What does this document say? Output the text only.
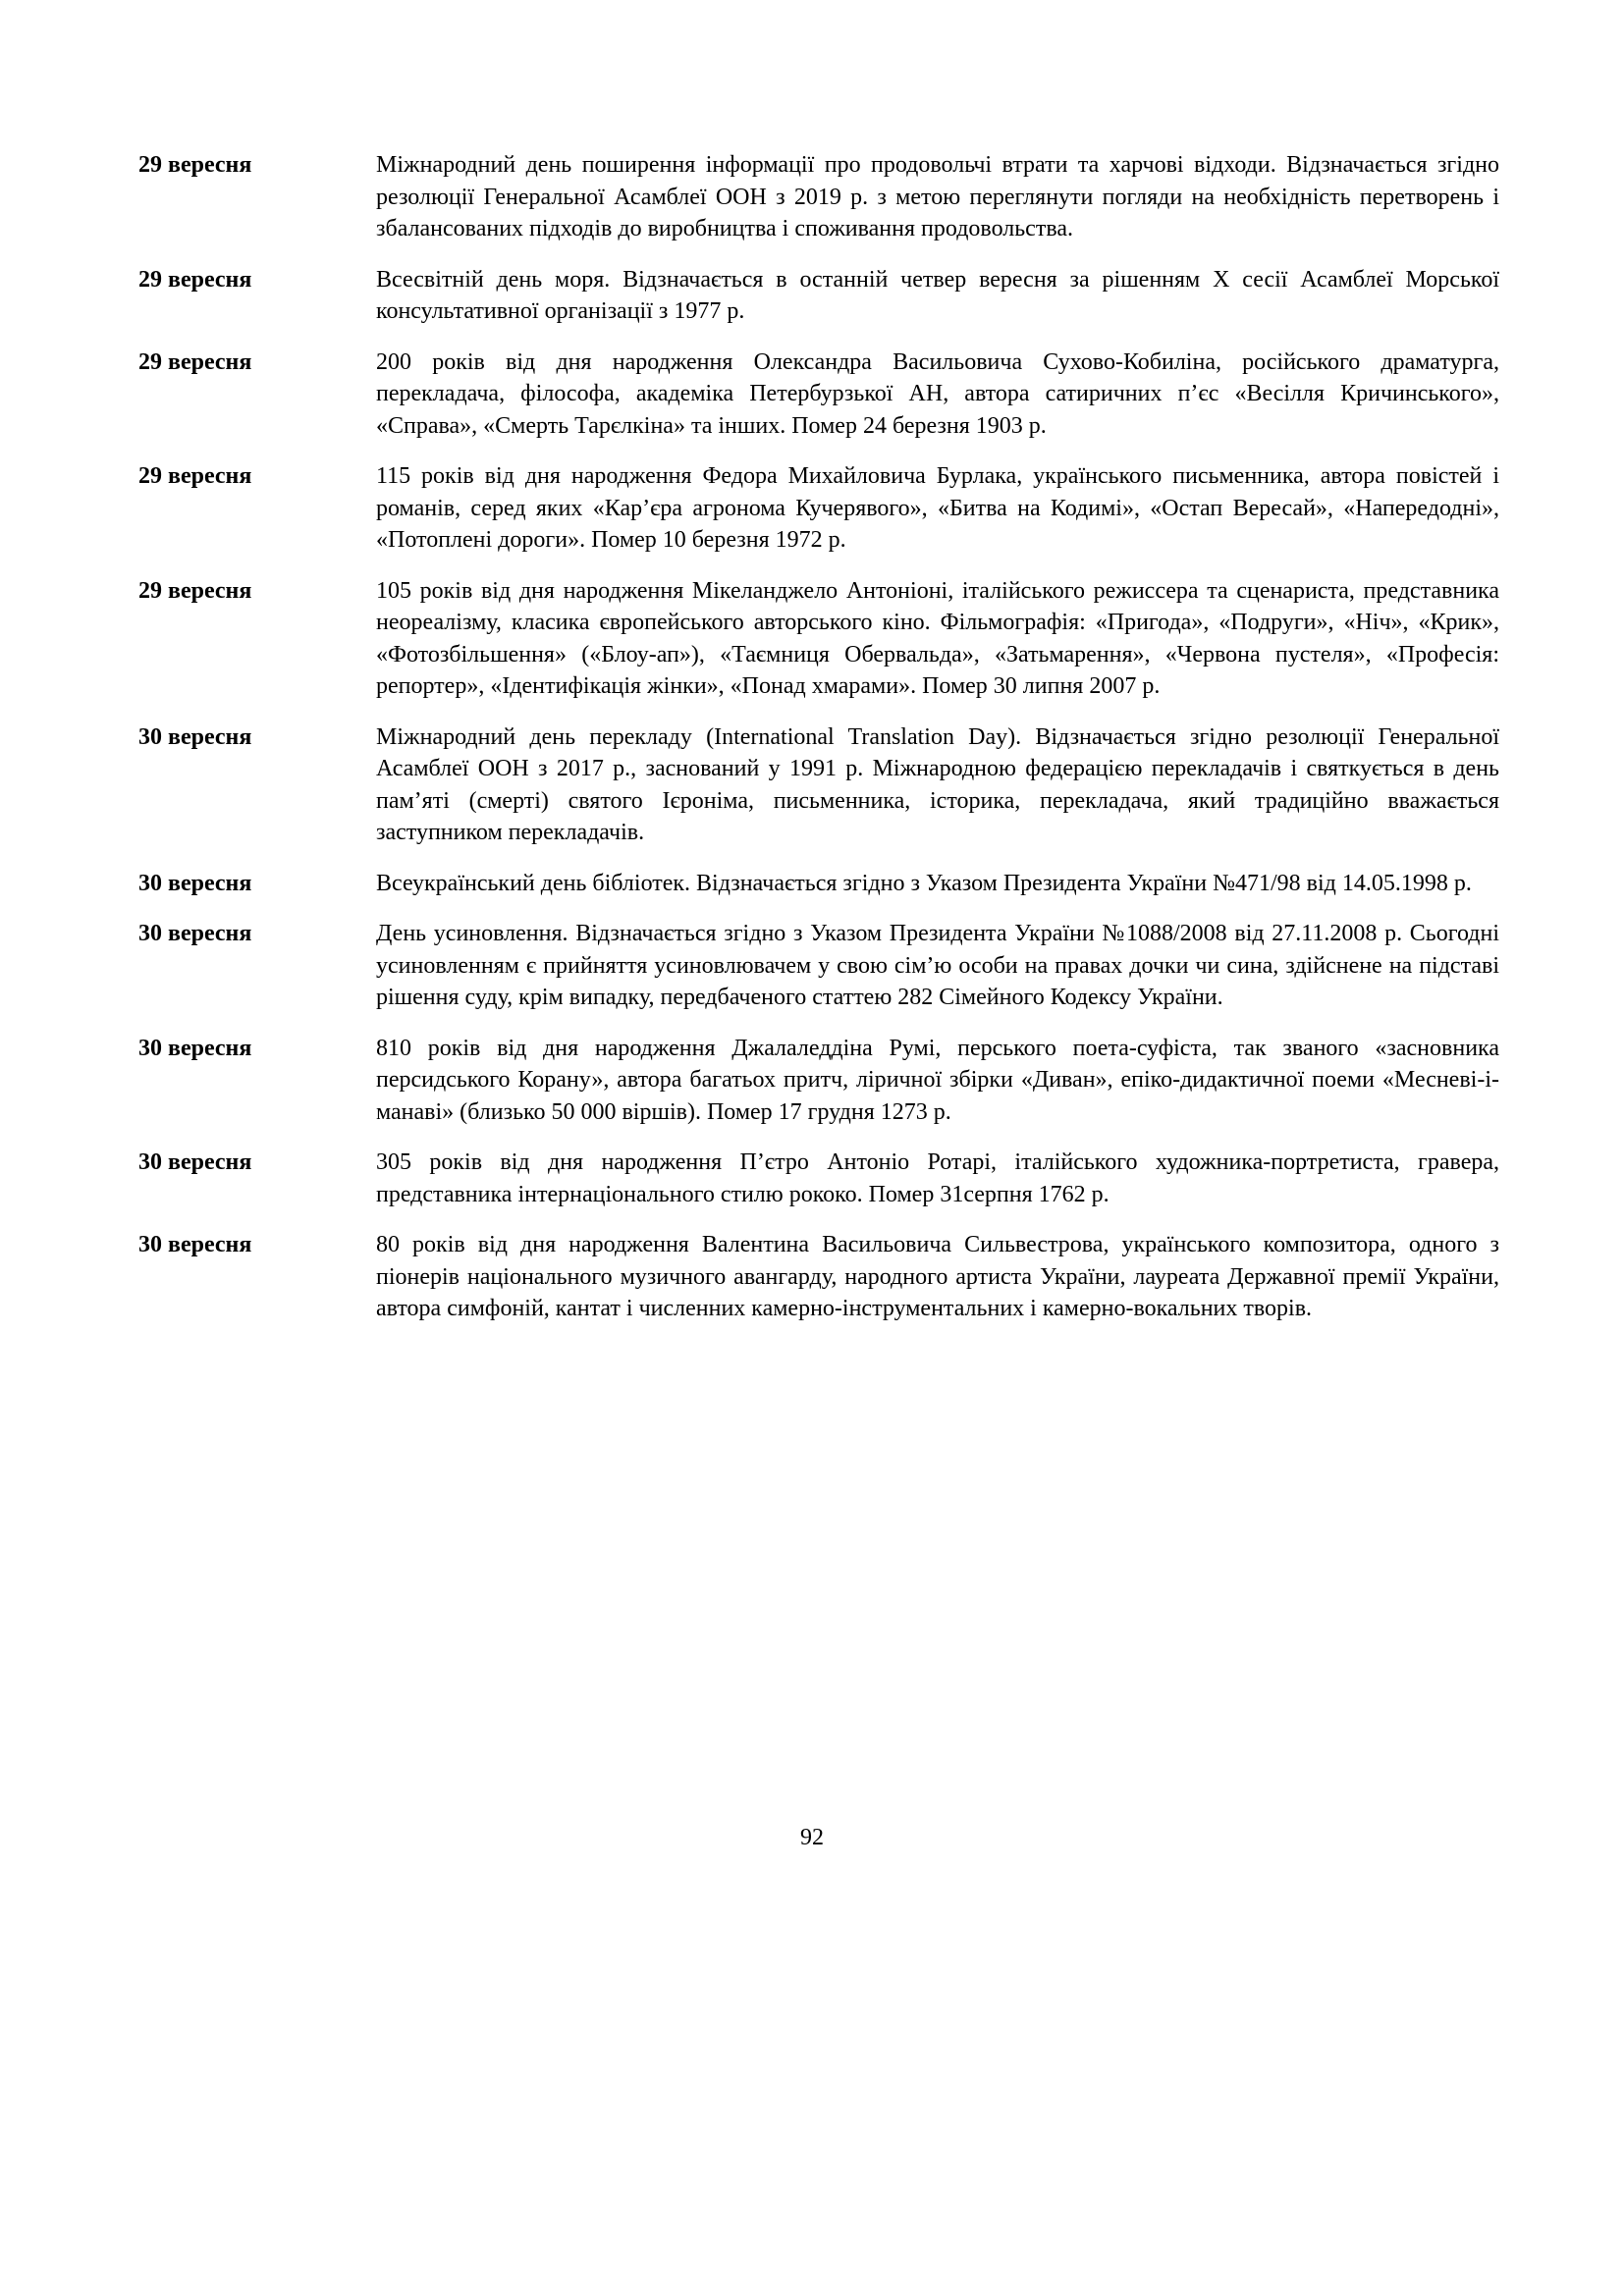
29 вересня	Міжнародний день поширення інформації про продовольчі втрати та харчові відходи. Відзначається згідно резолюції Генеральної Асамблеї ООН з 2019 р. з метою переглянути погляди на необхідність перетворень і збалансованих підходів до виробництва і споживання продовольства.
29 вересня	Всесвітній день моря. Відзначається в останній четвер вересня за рішенням Х сесії Асамблеї Морської консультативної організації з 1977 р.
29 вересня	200 років від дня народження Олександра Васильовича Сухово-Кобиліна, російського драматурга, перекладача, філософа, академіка Петербурзької АН, автора сатиричних п’єс «Весілля Кричинського», «Справа», «Смерть Тарєлкіна» та інших. Помер 24 березня 1903 р.
29 вересня	115 років від дня народження Федора Михайловича Бурлака, українського письменника, автора повістей і романів, серед яких «Кар’єра агронома Кучерявого», «Битва на Кодимі», «Остап Вересай», «Напередодні», «Потоплені дороги». Помер 10 березня 1972 р.
29 вересня	105 років від дня народження Мікеланджело Антоніоні, італійського режиссера та сценариста, представника неореалізму, класика європейського авторського кіно. Фільмографія: «Пригода», «Подруги», «Ніч», «Крик», «Фотозбільшення» («Блоу-ап»), «Таємниця Обервальда», «Затьмарення», «Червона пустеля», «Професія: репортер», «Ідентифікація жінки», «Понад хмарами». Помер 30 липня 2007 р.
30 вересня	Міжнародний день перекладу (International Translation Day). Відзначається згідно резолюції Генеральної Асамблеї ООН з 2017 р., заснований у 1991 р. Міжнародною федерацією перекладачів і святкується в день пам’яті (смерті) святого Ієроніма, письменника, історика, перекладача, який традиційно вважається заступником перекладачів.
30 вересня	Всеукраїнський день бібліотек. Відзначається згідно з Указом Президента України №471/98 від 14.05.1998 р.
30 вересня	День усиновлення. Відзначається згідно з Указом Президента України №1088/2008 від 27.11.2008 р. Сьогодні усиновленням є прийняття усиновлювачем у свою сім’ю особи на правах дочки чи сина, здійснене на підставі рішення суду, крім випадку, передбаченого статтею 282 Сімейного Кодексу України.
30 вересня	810 років від дня народження Джалаледдіна Румі, перського поета-суфіста, так званого «засновника персидського Корану», автора багатьох притч, ліричної збірки «Диван», епіко-дидактичної поеми «Месневі-і-манаві» (близько 50 000 віршів). Помер 17 грудня 1273 р.
30 вересня	305 років від дня народження П’єтро Антоніо Ротарі, італійського художника-портретиста, гравера, представника інтернаціонального стилю рококо. Помер 31серпня 1762 р.
30 вересня	80 років від дня народження Валентина Васильовича Сильвестрова, українського композитора, одного з піонерів національного музичного авангарду, народного артиста України, лауреата Державної премії України, автора симфоній, кантат і численних камерно-інструментальних і камерно-вокальних творів.
92
